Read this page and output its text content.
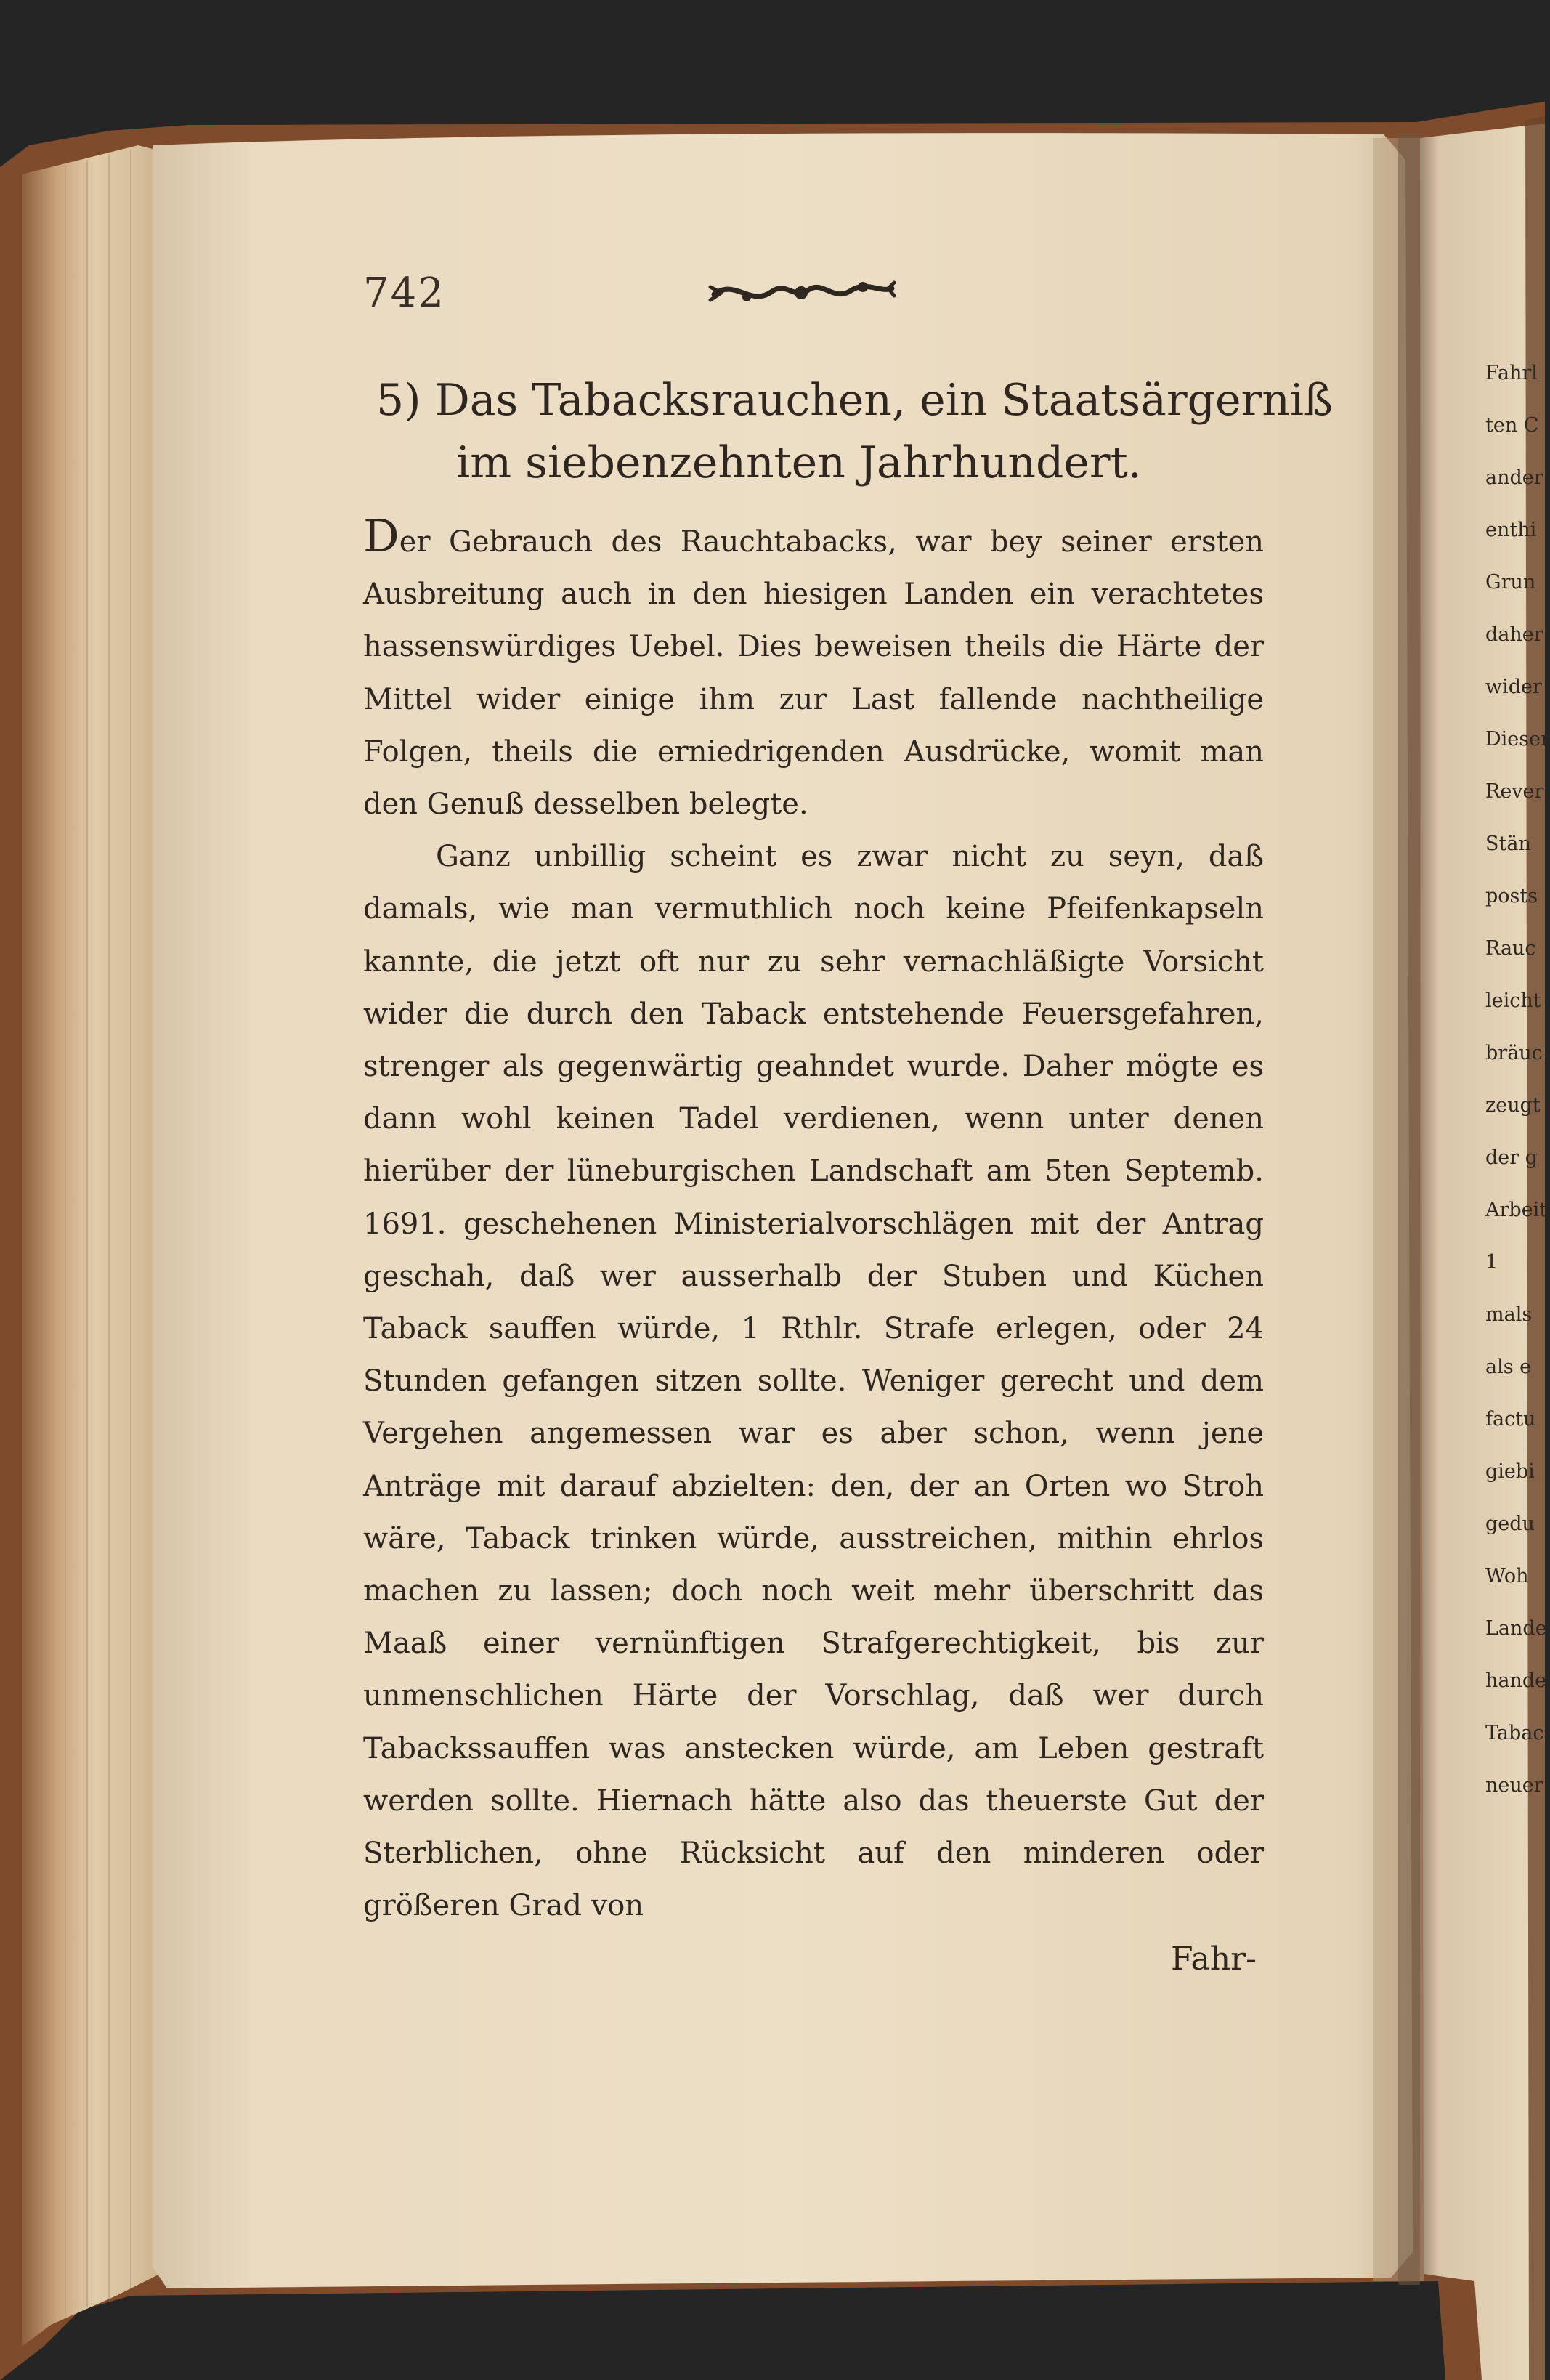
742
5) Das Tabacksrauchen, ein Staatsärgerniß
im siebenzehnten Jahrhundert.

Der Gebrauch des Rauchtabacks, war bey seiner ersten Ausbreitung auch in den hiesigen Landen ein verachtetes hassenswürdiges Uebel. Dies beweisen theils die Härte der Mittel wider einige ihm zur Last fallende nachtheilige Folgen, theils die erniedrigenden Ausdrücke, womit man den Genuß desselben belegte.

Ganz unbillig scheint es zwar nicht zu seyn, daß damals, wie man vermuthlich noch keine Pfeifenkapseln kannte, die jetzt oft nur zu sehr vernachläßigte Vorsicht wider die durch den Taback entstehende Feuersgefahren, strenger als gegenwärtig geahndet wurde. Daher mögte es dann wohl keinen Tadel verdienen, wenn unter denen hierüber der lüneburgischen Landschaft am 5ten Septemb. 1691. geschehenen Ministerialvorschlägen mit der Antrag geschah, daß wer ausserhalb der Stuben und Küchen Taback sauffen würde, 1 Rthlr. Strafe erlegen, oder 24 Stunden gefangen sitzen sollte. Weniger gerecht und dem Vergehen angemessen war es aber schon, wenn jene Anträge mit darauf abzielten: den, der an Orten wo Stroh wäre, Taback trinken würde, ausstreichen, mithin ehrlos machen zu lassen; doch noch weit mehr überschritt das Maaß einer vernünftigen Strafgerechtigkeit, bis zur unmenschlichen Härte der Vorschlag, daß wer durch Tabackssauffen was anstecken würde, am Leben gestraft werden sollte. Hiernach hätte also das theuerste Gut der Sterblichen, ohne Rücksicht auf den minderen oder größeren Grad von

Fahr-
Fahrl
ten C
ander
enthi
Grun
daher
wider
Dieser
Rever
Stän
posts
Rauc
leicht
bräuc
zeugt
der g
Arbeit
1
mals
als e
factu
giebi
gedu
Woh
Lande
hande
Tabac
neuer
